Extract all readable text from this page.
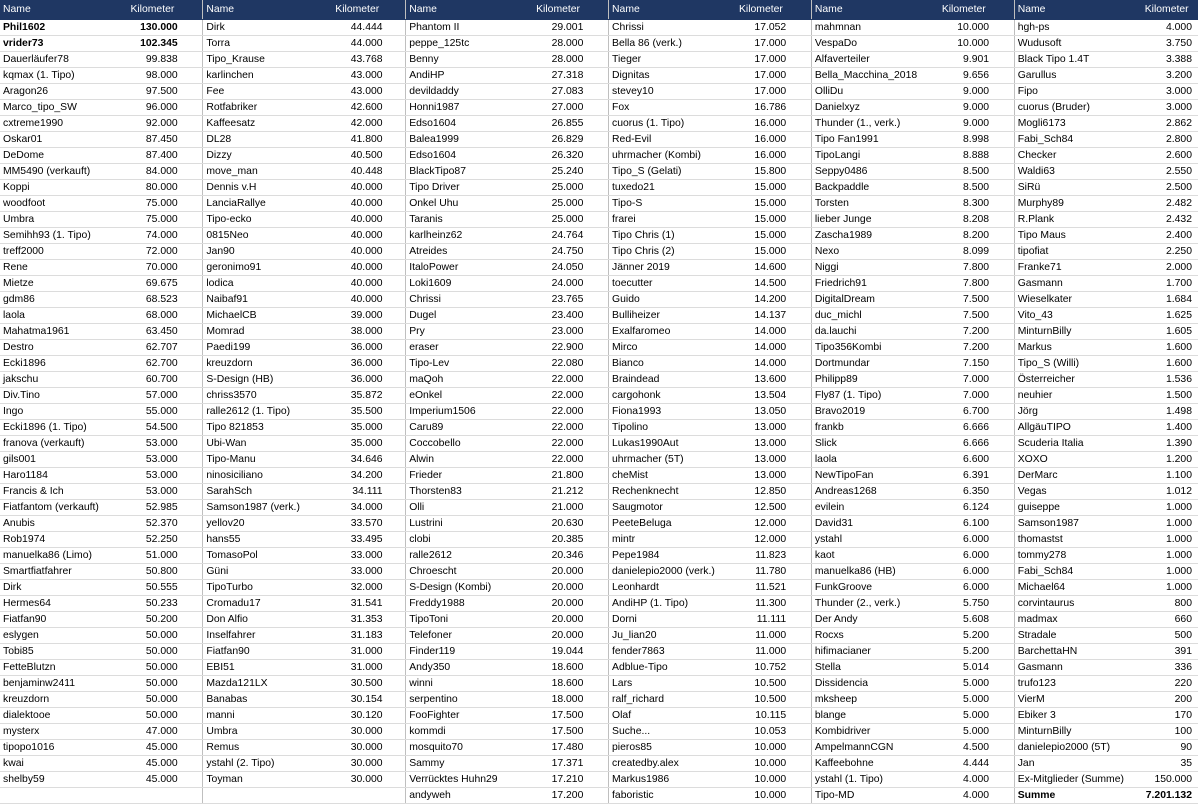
Name	Kilometer		Name	Kilometer		Name	Kilometer		Name	Kilometer		Name	Kilometer		Name	Kilometer
Phil1602	130.000		Dirk	44.444		Phantom II	29.001		Chrissi	17.052		mahmnan	10.000		hgh-ps	4.000
vrider73	102.345		Torra	44.000		peppe_125tc	28.000		Bella 86 (verk.)	17.000		VespaDo	10.000		Wudusoft	3.750
Dauerläufer78	99.838		Tipo_Krause	43.768		Benny	28.000		Tieger	17.000		Alfaverteiler	9.901		Black Tipo 1.4T	3.388
kqmax (1. Tipo)	98.000		karlinchen	43.000		AndiHP	27.318		Dignitas	17.000		Bella_Macchina_2018	9.656		Garullus	3.200
Aragon26	97.500		Fee	43.000		devildaddy	27.083		stevey10	17.000		OlliDu	9.000		Fipo	3.000
Marco_tipo_SW	96.000		Rotfabriker	42.600		Honni1987	27.000		Fox	16.786		Danielxyz	9.000		cuorus (Bruder)	3.000
cxtreme1990	92.000		Kaffeesatz	42.000		Edso1604	26.855		cuorus (1. Tipo)	16.000		Thunder (1., verk.)	9.000		Mogli6173	2.862
Oskar01	87.450		DL28	41.800		Balea1999	26.829		Red-Evil	16.000		Tipo Fan1991	8.998		Fabi_Sch84	2.800
DeDome	87.400		Dizzy	40.500		Edso1604	26.320		uhrmacher (Kombi)	16.000		TipoLangi	8.888		Checker	2.600
MM5490 (verkauft)	84.000		move_man	40.448		BlackTipo87	25.240		Tipo_S (Gelati)	15.800		Seppy0486	8.500		Waldi63	2.550
Koppi	80.000		Dennis v.H	40.000		Tipo Driver	25.000		tuxedo21	15.000		Backpaddle	8.500		SiRü	2.500
woodfoot	75.000		LanciaRallye	40.000		Onkel Uhu	25.000		Tipo-S	15.000		Torsten	8.300		Murphy89	2.482
Umbra	75.000		Tipo-ecko	40.000		Taranis	25.000		frarei	15.000		lieber Junge	8.208		R.Plank	2.432
Semihh93 (1. Tipo)	74.000		0815Neo	40.000		karlheinz62	24.764		Tipo Chris (1)	15.000		Zascha1989	8.200		Tipo Maus	2.400
treff2000	72.000		Jan90	40.000		Atreides	24.750		Tipo Chris (2)	15.000		Nexo	8.099		tipofiat	2.250
Rene	70.000		geronimo91	40.000		ItaloPower	24.050		Jänner 2019	14.600		Niggi	7.800		Franke71	2.000
Mietze	69.675		lodica	40.000		Loki1609	24.000		toecutter	14.500		Friedrich91	7.800		Gasmann	1.700
gdm86	68.523		Naibaf91	40.000		Chrissi	23.765		Guido	14.200		DigitalDream	7.500		Wieselkater	1.684
laola	68.000		MichaelCB	39.000		Dugel	23.400		Bulliheizer	14.137		duc_michl	7.500		Vito_43	1.625
Mahatma1961	63.450		Momrad	38.000		Pry	23.000		Exalfaromeo	14.000		da.lauchi	7.200		MinturnBilly	1.605
Destro	62.707		Paedi199	36.000		eraser	22.900		Mirco	14.000		Tipo356Kombi	7.200		Markus	1.600
Ecki1896	62.700		kreuzdorn	36.000		Tipo-Lev	22.080		Bianco	14.000		Dortmundar	7.150		Tipo_S (Willi)	1.600
jakschu	60.700		S-Design (HB)	36.000		maQoh	22.000		Braindead	13.600		Philipp89	7.000		Österreicher	1.536
Div.Tino	57.000		chriss3570	35.872		eOnkel	22.000		cargohonk	13.504		Fly87 (1. Tipo)	7.000		neuhier	1.500
Ingo	55.000		ralle2612 (1. Tipo)	35.500		Imperium1506	22.000		Fiona1993	13.050		Bravo2019	6.700		Jörg	1.498
Ecki1896 (1. Tipo)	54.500		Tipo 821853	35.000		Caru89	22.000		Tipolino	13.000		frankb	6.666		AllgäuTIPO	1.400
franova (verkauft)	53.000		Ubi-Wan	35.000		Coccobello	22.000		Lukas1990Aut	13.000		Slick	6.666		Scuderia Italia	1.390
gils001	53.000		Tipo-Manu	34.646		Alwin	22.000		uhrmacher (5T)	13.000		laola	6.600		XOXO	1.200
Haro1184	53.000		ninosiciliano	34.200		Frieder	21.800		cheMist	13.000		NewTipoFan	6.391		DerMarc	1.100
Francis & Ich	53.000		SarahSch	34.111		Thorsten83	21.212		Rechenknecht	12.850		Andreas1268	6.350		Vegas	1.012
Fiatfantom (verkauft)	52.985		Samson1987 (verk.)	34.000		Olli	21.000		Saugmotor	12.500		evilein	6.124		guiseppe	1.000
Anubis	52.370		yellov20	33.570		Lustrini	20.630		PeeteBeluga	12.000		David31	6.100		Samson1987	1.000
Rob1974	52.250		hans55	33.495		clobi	20.385		mintr	12.000		ystahl	6.000		thomastst	1.000
manuelka86 (Limo)	51.000		TomasoPol	33.000		ralle2612	20.346		Pepe1984	11.823		kaot	6.000		tommy278	1.000
Smartfiatfahrer	50.800		Güni	33.000		Chroescht	20.000		danielepio2000 (verk.)	11.780		manuelka86 (HB)	6.000		Fabi_Sch84	1.000
Dirk	50.555		TipoTurbo	32.000		S-Design (Kombi)	20.000		Leonhardt	11.521		FunkGroove	6.000		Michael64	1.000
Hermes64	50.233		Cromadu17	31.541		Freddy1988	20.000		AndiHP (1. Tipo)	11.300		Thunder (2., verk.)	5.750		corvintaurus	800
Fiatfan90	50.200		Don Alfio	31.353		TipoToni	20.000		Dorni	11.111		Der Andy	5.608		madmax	660
eslygen	50.000		Inselfahrer	31.183		Telefoner	20.000		Ju_lian20	11.000		Rocxs	5.200		Stradale	500
Tobi85	50.000		Fiatfan90	31.000		Finder119	19.044		fender7863	11.000		hifimacianer	5.200		BarchettaHN	391
FetteBlutzn	50.000		EBI51	31.000		Andy350	18.600		Adblue-Tipo	10.752		Stella	5.014		Gasmann	336
benjaminw2411	50.000		Mazda121LX	30.500		winni	18.600		Lars	10.500		Dissidencia	5.000		trufo123	220
kreuzdorn	50.000		Banabas	30.154		serpentino	18.000		ralf_richard	10.500		mksheep	5.000		VierM	200
dialektooe	50.000		manni	30.120		FooFighter	17.500		Olaf	10.115		blange	5.000		Ebiker 3	170
mysterx	47.000		Umbra	30.000		kommdi	17.500		Suche...	10.053		Kombidriver	5.000		MinturnBilly	100
tipopo1016	45.000		Remus	30.000		mosquito70	17.480		pieros85	10.000		AmpelmannCGN	4.500		danielepio2000 (5T)	90
kwai	45.000		ystahl (2. Tipo)	30.000		Sammy	17.371		createdby.alex	10.000		Kaffeebohne	4.444		Jan	35
shelby59	45.000		Toyman	30.000		Verrücktes Huhn29	17.210		Markus1986	10.000		ystahl (1. Tipo)	4.000		Ex-Mitglieder (Summe)	150.000
						andyweh	17.200		faboristic	10.000		Tipo-MD	4.000		Summe	7.201.132
